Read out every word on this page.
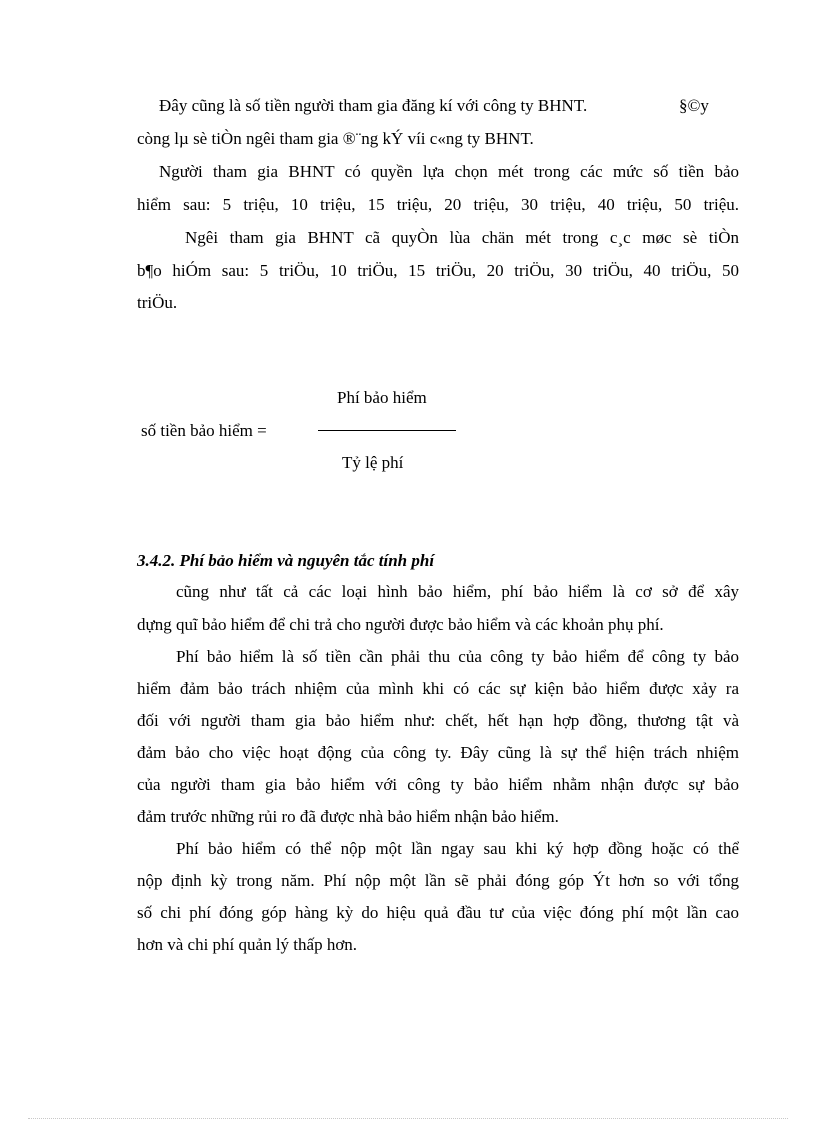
Đây cũng là số tiền người tham gia đăng kí với công ty BHNT.	§©y
còng lµ sè tiÒn ngêi tham gia ®¨ng kÝ víi c«ng ty BHNT.
Người tham gia BHNT có quyền lựa chọn mét trong các mức số tiền bảo
hiểm sau: 5 triệu, 10 triệu, 15 triệu, 20 triệu, 30 triệu, 40 triệu, 50 triệu.
Ngêi tham gia BHNT cã quyÒn lùa chän mét trong c¸c møc sè tiÒn
b¶o hiÓm sau: 5 triÖu, 10 triÖu, 15 triÖu, 20 triÖu, 30 triÖu, 40 triÖu, 50
triÖu.
Phí bảo hiểm
số tiền bảo hiểm =
Tỷ lệ phí
3.4.2. Phí bảo hiểm và nguyên tắc tính phí
cũng như tất cả các loại hình bảo hiểm, phí bảo hiểm là cơ sở để xây
dựng quĩ bảo hiểm để chi trả cho người được bảo hiểm và các khoản phụ phí.
Phí bảo hiểm là số tiền cần phải thu của công ty bảo hiểm để công ty bảo
hiểm đảm bảo trách nhiệm của mình khi có các sự kiện bảo hiểm được xảy ra
đối với người tham gia bảo hiểm như: chết, hết hạn hợp đồng, thương tật và
đảm bảo cho việc hoạt động của công ty. Đây cũng là sự thể hiện trách nhiệm
của người tham gia bảo hiểm với công ty bảo hiểm nhằm nhận được sự bảo
đảm trước những rủi ro đã được nhà bảo hiểm nhận bảo hiểm.
Phí bảo hiểm có thể nộp một lần ngay sau khi ký hợp đồng hoặc có thể
nộp định kỳ trong năm. Phí nộp một lần sẽ phải đóng góp Ýt hơn so với tổng
số chi phí đóng góp hàng kỳ do hiệu quả đầu tư của việc đóng phí một lần cao
hơn và chi phí quản lý thấp hơn.
